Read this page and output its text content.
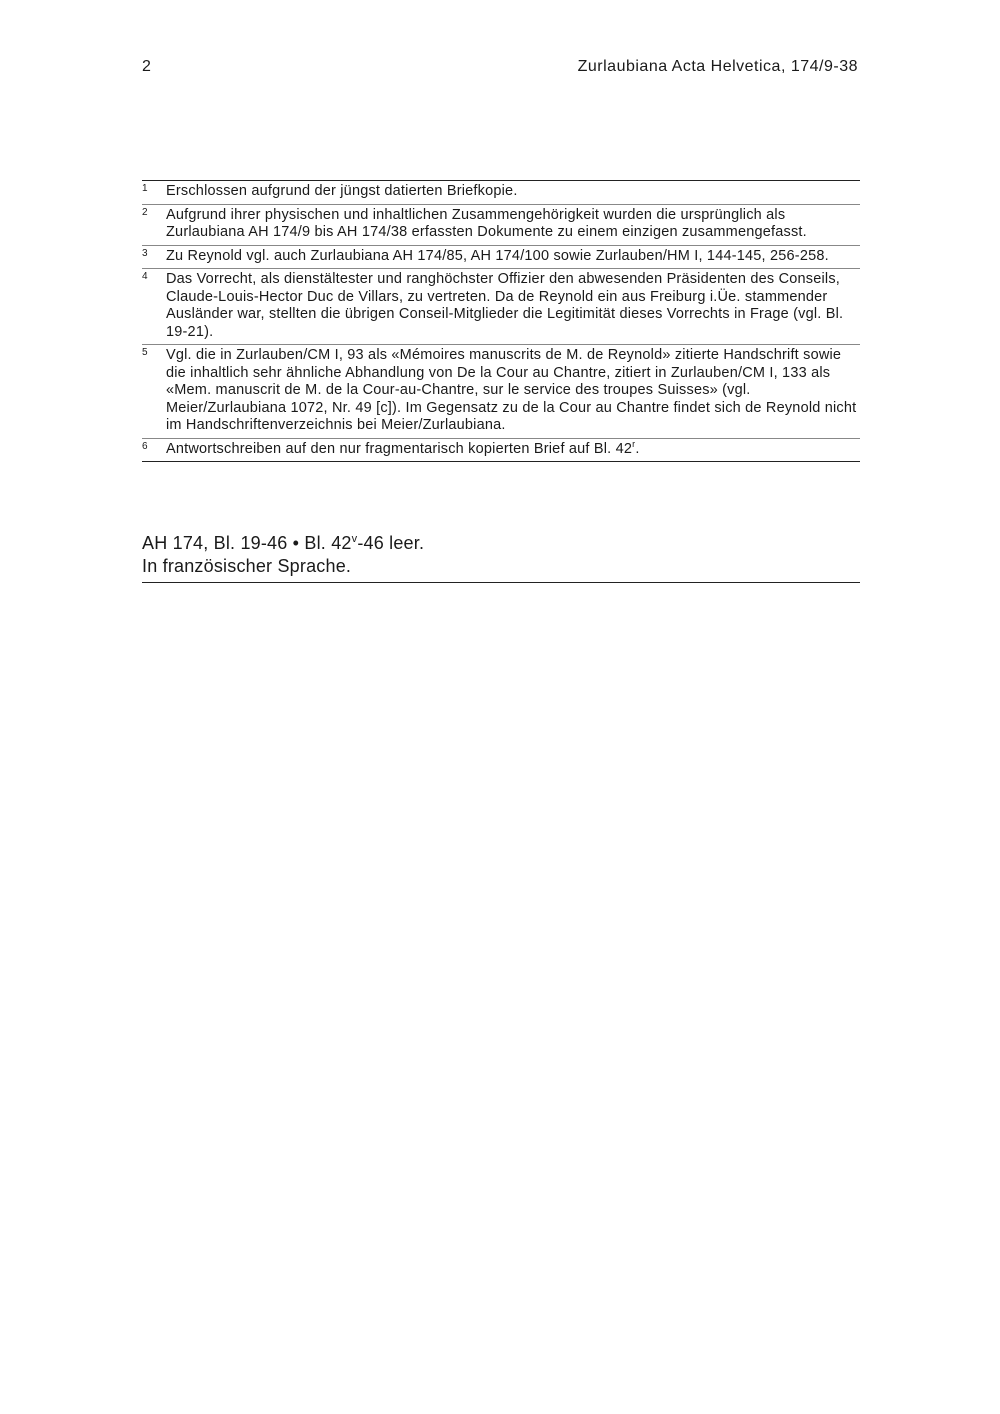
2	Zurlaubiana Acta Helvetica, 174/9-38
1	Erschlossen aufgrund der jüngst datierten Briefkopie.
2	Aufgrund ihrer physischen und inhaltlichen Zusammengehörigkeit wurden die ursprünglich als Zurlaubiana AH 174/9 bis AH 174/38 erfassten Dokumente zu einem einzigen zusammengefasst.
3	Zu Reynold vgl. auch Zurlaubiana AH 174/85, AH 174/100 sowie Zurlauben/HM I, 144-145, 256-258.
4	Das Vorrecht, als dienstältester und ranghöchster Offizier den abwesenden Präsidenten des Conseils, Claude-Louis-Hector Duc de Villars, zu vertreten. Da de Reynold ein aus Freiburg i.Üe. stammender Ausländer war, stellten die übrigen Conseil-Mitglieder die Legitimität dieses Vorrechts in Frage (vgl. Bl. 19-21).
5	Vgl. die in Zurlauben/CM I, 93 als «Mémoires manuscrits de M. de Reynold» zitierte Handschrift sowie die inhaltlich sehr ähnliche Abhandlung von De la Cour au Chantre, zitiert in Zurlauben/CM I, 133 als «Mem. manuscrit de M. de la Cour-au-Chantre, sur le service des troupes Suisses» (vgl. Meier/Zurlaubiana 1072, Nr. 49 [c]). Im Gegensatz zu de la Cour au Chantre findet sich de Reynold nicht im Handschriftenverzeichnis bei Meier/Zurlaubiana.
6	Antwortschreiben auf den nur fragmentarisch kopierten Brief auf Bl. 42$^r$.
AH 174, Bl. 19-46 • Bl. 42$^v$-46 leer.
In französischer Sprache.
